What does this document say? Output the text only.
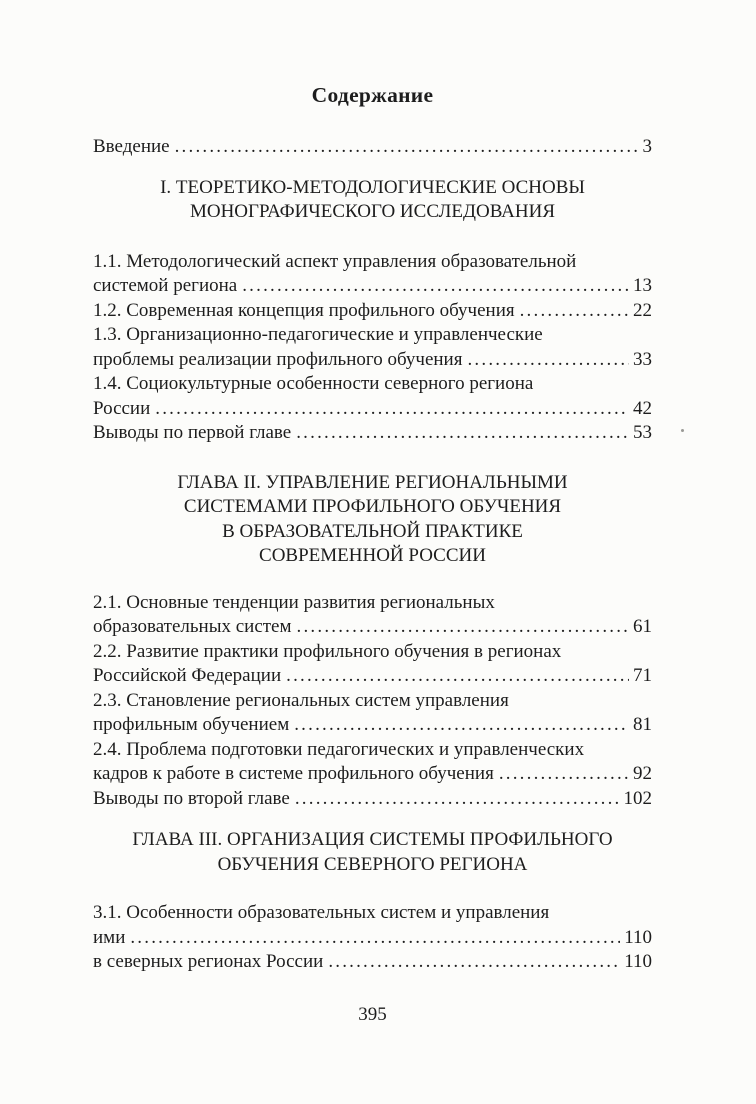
Содержание
Введение .....	3
I. ТЕОРЕТИКО-МЕТОДОЛОГИЧЕСКИЕ ОСНОВЫ
МОНОГРАФИЧЕСКОГО ИССЛЕДОВАНИЯ
1.1. Методологический аспект управления образовательной
системой региона .....	13
1.2. Современная концепция профильного обучения .....	22
1.3. Организационно-педагогические и управленческие
проблемы реализации профильного обучения .....	33
1.4. Социокультурные особенности северного региона
России .....	42
Выводы по первой главе .....	53
ГЛАВА II. УПРАВЛЕНИЕ РЕГИОНАЛЬНЫМИ
СИСТЕМАМИ ПРОФИЛЬНОГО ОБУЧЕНИЯ
В ОБРАЗОВАТЕЛЬНОЙ ПРАКТИКЕ
СОВРЕМЕННОЙ РОССИИ
2.1. Основные тенденции развития региональных
образовательных систем .....	61
2.2. Развитие практики профильного обучения в регионах
Российской Федерации .....	71
2.3. Становление региональных систем управления
профильным обучением .....	81
2.4. Проблема подготовки педагогических и управленческих
кадров к работе в системе профильного обучения .....	92
Выводы по второй главе .....	102
ГЛАВА III. ОРГАНИЗАЦИЯ СИСТЕМЫ ПРОФИЛЬНОГО
ОБУЧЕНИЯ СЕВЕРНОГО РЕГИОНА
3.1. Особенности образовательных систем и управления
ими .....	110
в северных регионах России .....	110
395
